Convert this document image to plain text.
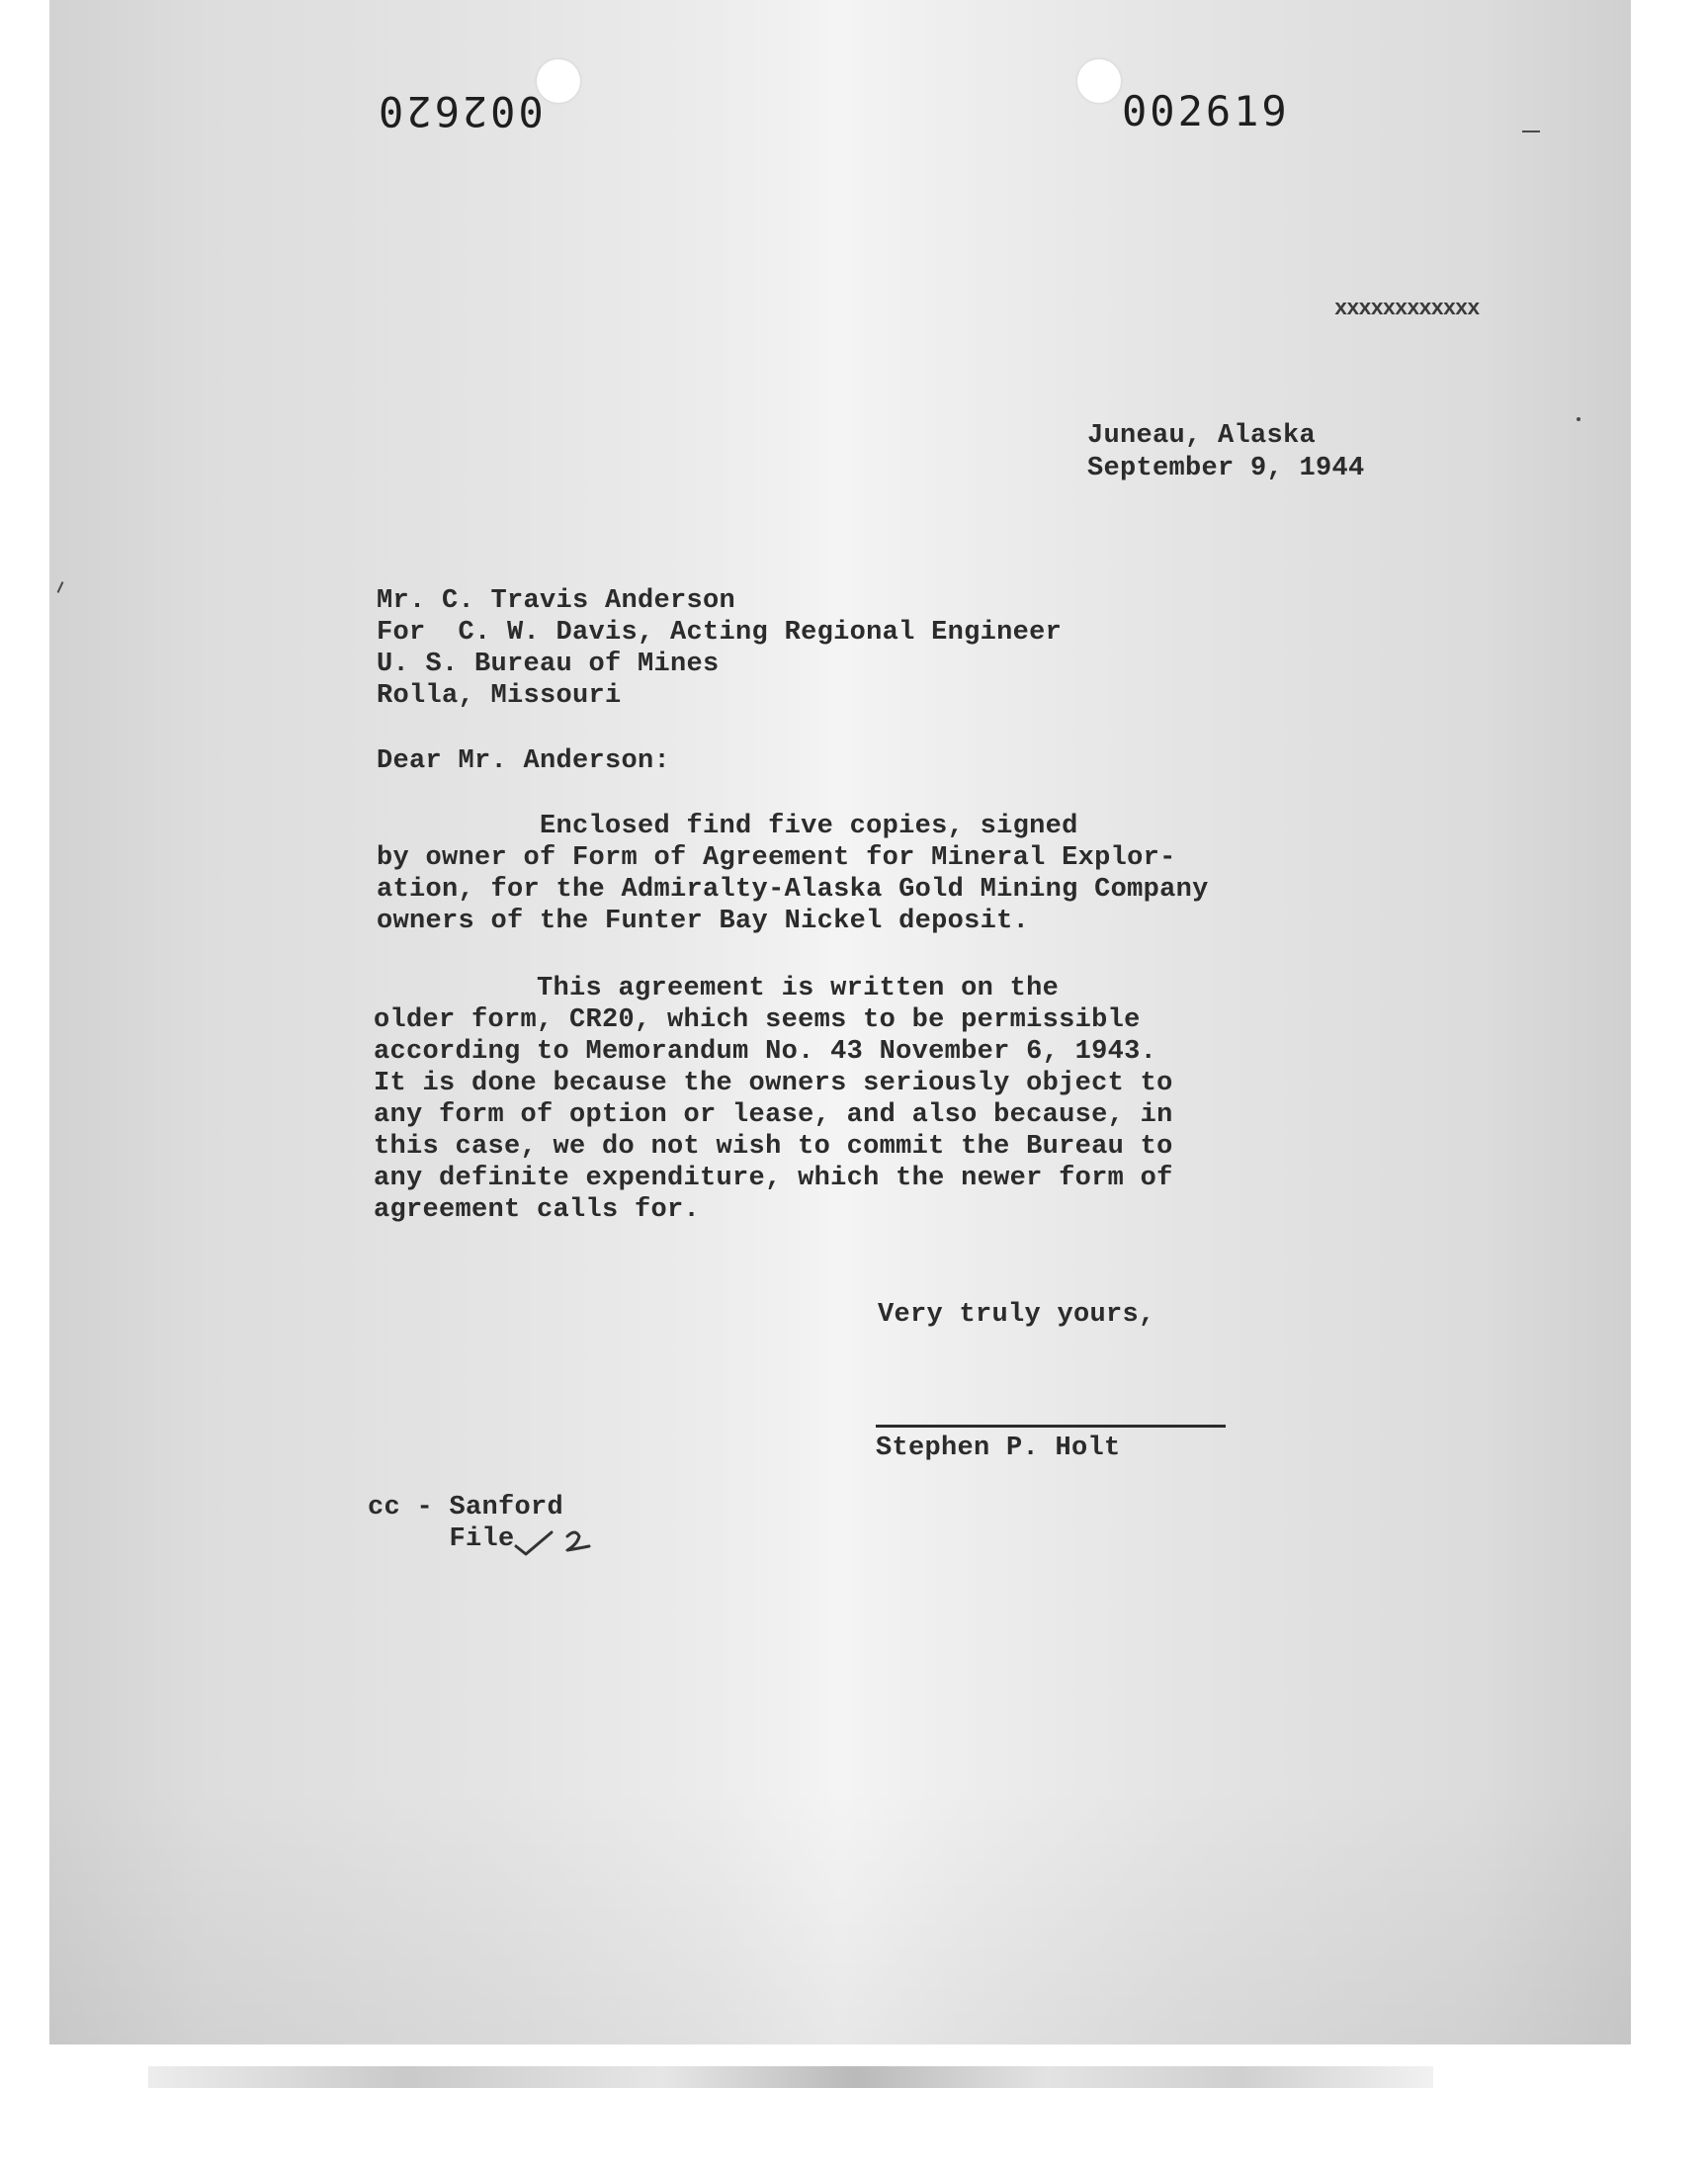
002620	002619
xxxxxxxxxxxx
Juneau, Alaska
September 9, 1944
Mr. C. Travis Anderson
For  C. W. Davis, Acting Regional Engineer
U. S. Bureau of Mines
Rolla, Missouri
Dear Mr. Anderson:
Enclosed find five copies, signed
by owner of Form of Agreement for Mineral Explor-
ation, for the Admiralty-Alaska Gold Mining Company
owners of the Funter Bay Nickel deposit.
This agreement is written on the
older form, CR20, which seems to be permissible
according to Memorandum No. 43 November 6, 1943.
It is done because the owners seriously object to
any form of option or lease, and also because, in
this case, we do not wish to commit the Bureau to
any definite expenditure, which the newer form of
agreement calls for.
Very truly yours,
Stephen P. Holt
cc - Sanford
File
